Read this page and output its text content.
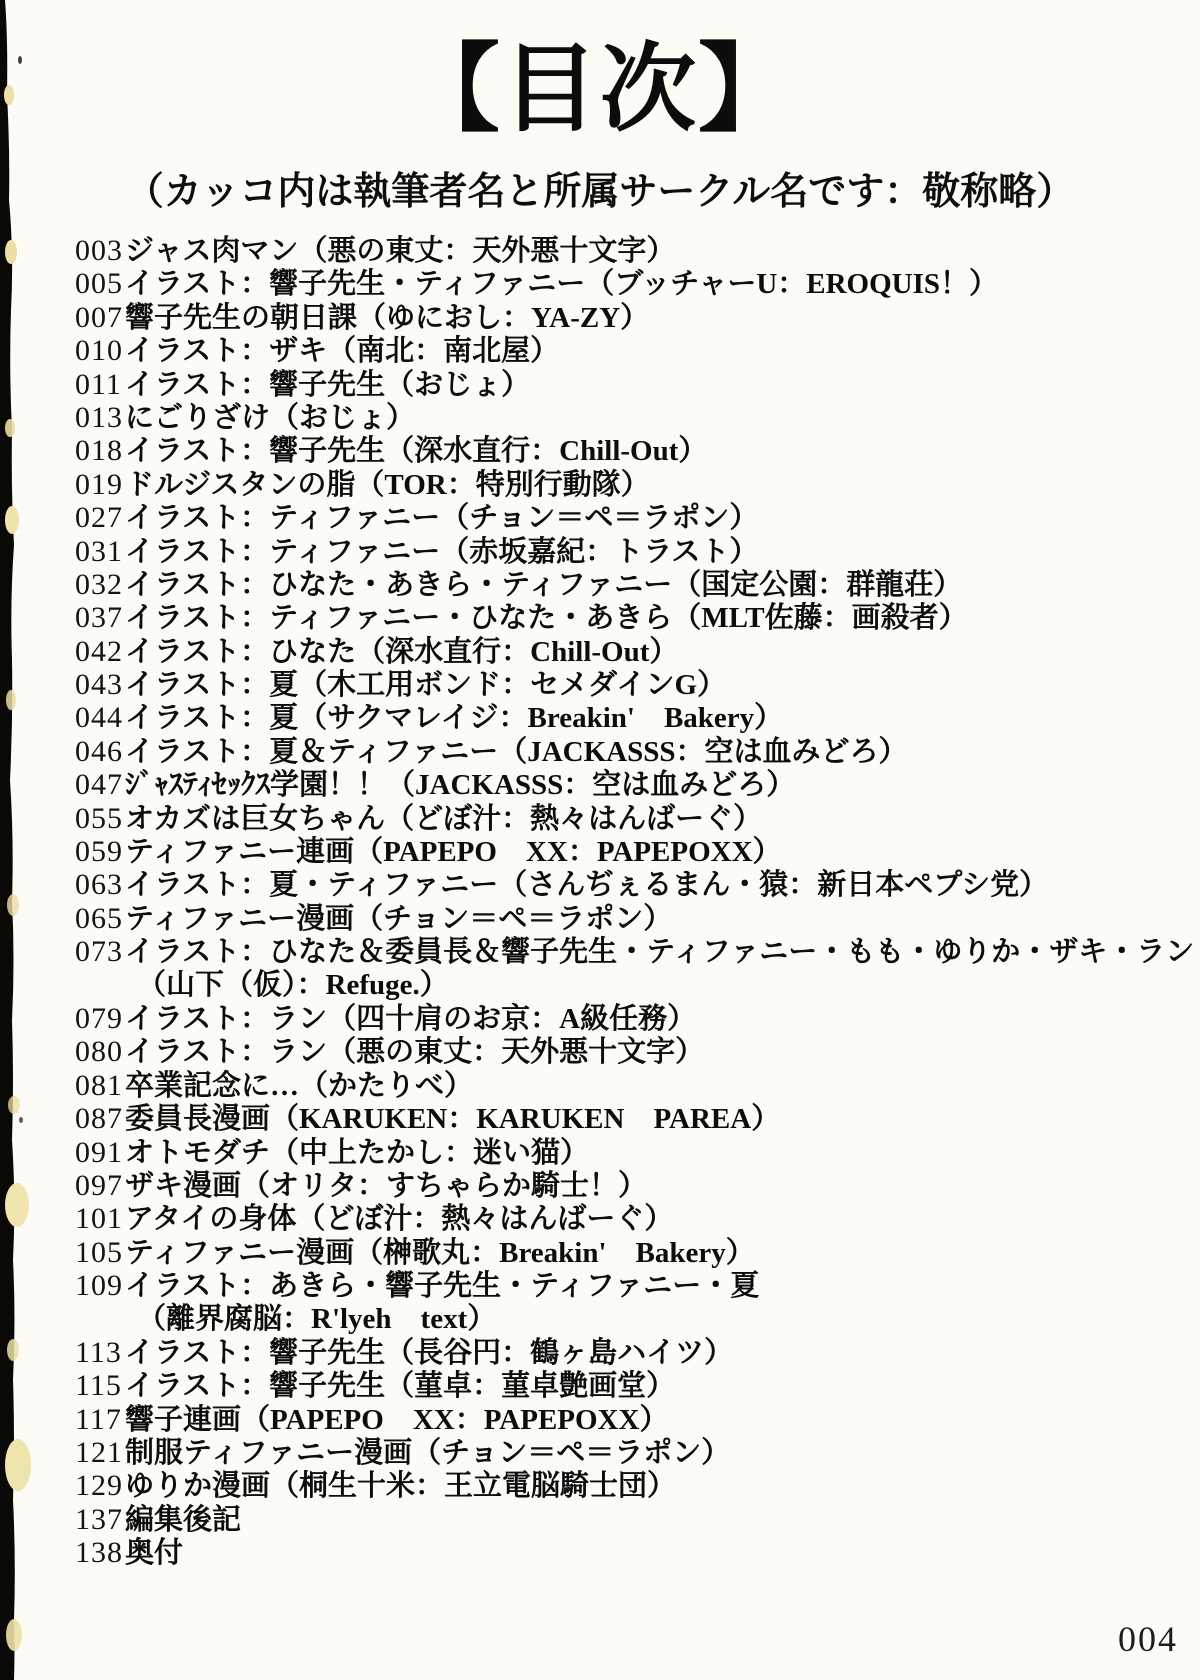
【目次】
（カッコ内は執筆者名と所属サークル名です：敬称略）
003 ジャス肉マン（悪の東丈：天外悪十文字）
005 イラスト：響子先生・ティファニー（ブッチャーU：EROQUIS！）
007 響子先生の朝日課（ゆにおし：YA-ZY）
010 イラスト：ザキ（南北：南北屋）
011 イラスト：響子先生（おじょ）
013 にごりざけ（おじょ）
018 イラスト：響子先生（深水直行：Chill-Out）
019 ドルジスタンの脂（TOR：特別行動隊）
027 イラスト：ティファニー（チョン＝ペ＝ラポン）
031 イラスト：ティファニー（赤坂嘉紀：トラスト）
032 イラスト：ひなた・あきら・ティファニー（国定公園：群龍荘）
037 イラスト：ティファニー・ひなた・あきら（MLT佐藤：画殺者）
042 イラスト：ひなた（深水直行：Chill-Out）
043 イラスト：夏（木工用ボンド：セメダインG）
044 イラスト：夏（サクマレイジ：Breakin'　Bakery）
046 イラスト：夏＆ティファニー（JACKASSS：空は血みどろ）
047 ｼﾞｬｽﾃｨｾｯｸｽ学園！！（JACKASSS：空は血みどろ）
055 オカズは巨女ちゃん（どぼ汁：熱々はんばーぐ）
059 ティファニー連画（PAPEPO　XX：PAPEPOXX）
063 イラスト：夏・ティファニー（さんぢぇるまん・猿：新日本ペプシ党）
065 ティファニー漫画（チョン＝ペ＝ラポン）
073 イラスト：ひなた＆委員長＆響子先生・ティファニー・もも・ゆりか・ザキ・ラン
（山下（仮）：Refuge.）
079 イラスト：ラン（四十肩のお京：A級任務）
080 イラスト：ラン（悪の東丈：天外悪十文字）
081 卒業記念に…（かたりべ）
087 委員長漫画（KARUKEN：KARUKEN　PAREA）
091 オトモダチ（中上たかし：迷い猫）
097 ザキ漫画（オリタ：すちゃらか騎士！）
101 アタイの身体（どぼ汁：熱々はんばーぐ）
105 ティファニー漫画（榊歌丸：Breakin'　Bakery）
109 イラスト：あきら・響子先生・ティファニー・夏
（離界腐脳：R'lyeh　text）
113 イラスト：響子先生（長谷円：鶴ヶ島ハイツ）
115 イラスト：響子先生（菫卓：菫卓艶画堂）
117 響子連画（PAPEPO　XX：PAPEPOXX）
121 制服ティファニー漫画（チョン＝ペ＝ラポン）
129 ゆりか漫画（桐生十米：王立電脳騎士団）
137 編集後記
138 奥付
004
